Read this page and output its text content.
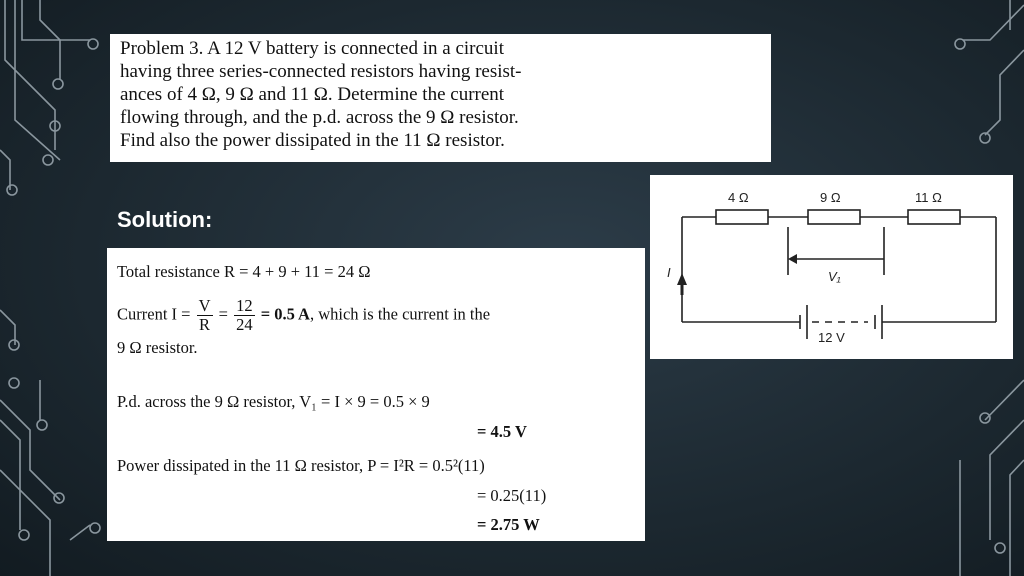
Problem 3. A 12 V battery is connected in a circuit
having three series-connected resistors having resist-
ances of 4 Ω, 9 Ω and 11 Ω. Determine the current
flowing through, and the p.d. across the 9 Ω resistor.
Find also the power dissipated in the 11 Ω resistor.
Solution:
Total resistance R = 4 + 9 + 11 = 24 Ω
Current $I = \frac{V}{R} = \frac{12}{24} = 0.5$ A, which is the current in the
9 Ω resistor.
P.d. across the 9 Ω resistor, V₁ = I × 9 = 0.5 × 9
= 4.5 V
Power dissipated in the 11 Ω resistor, P = I²R = 0.5²(11)
= 0.25(11)
= 2.75 W
4 Ω	9 Ω	11 Ω
V₁
I
12 V
